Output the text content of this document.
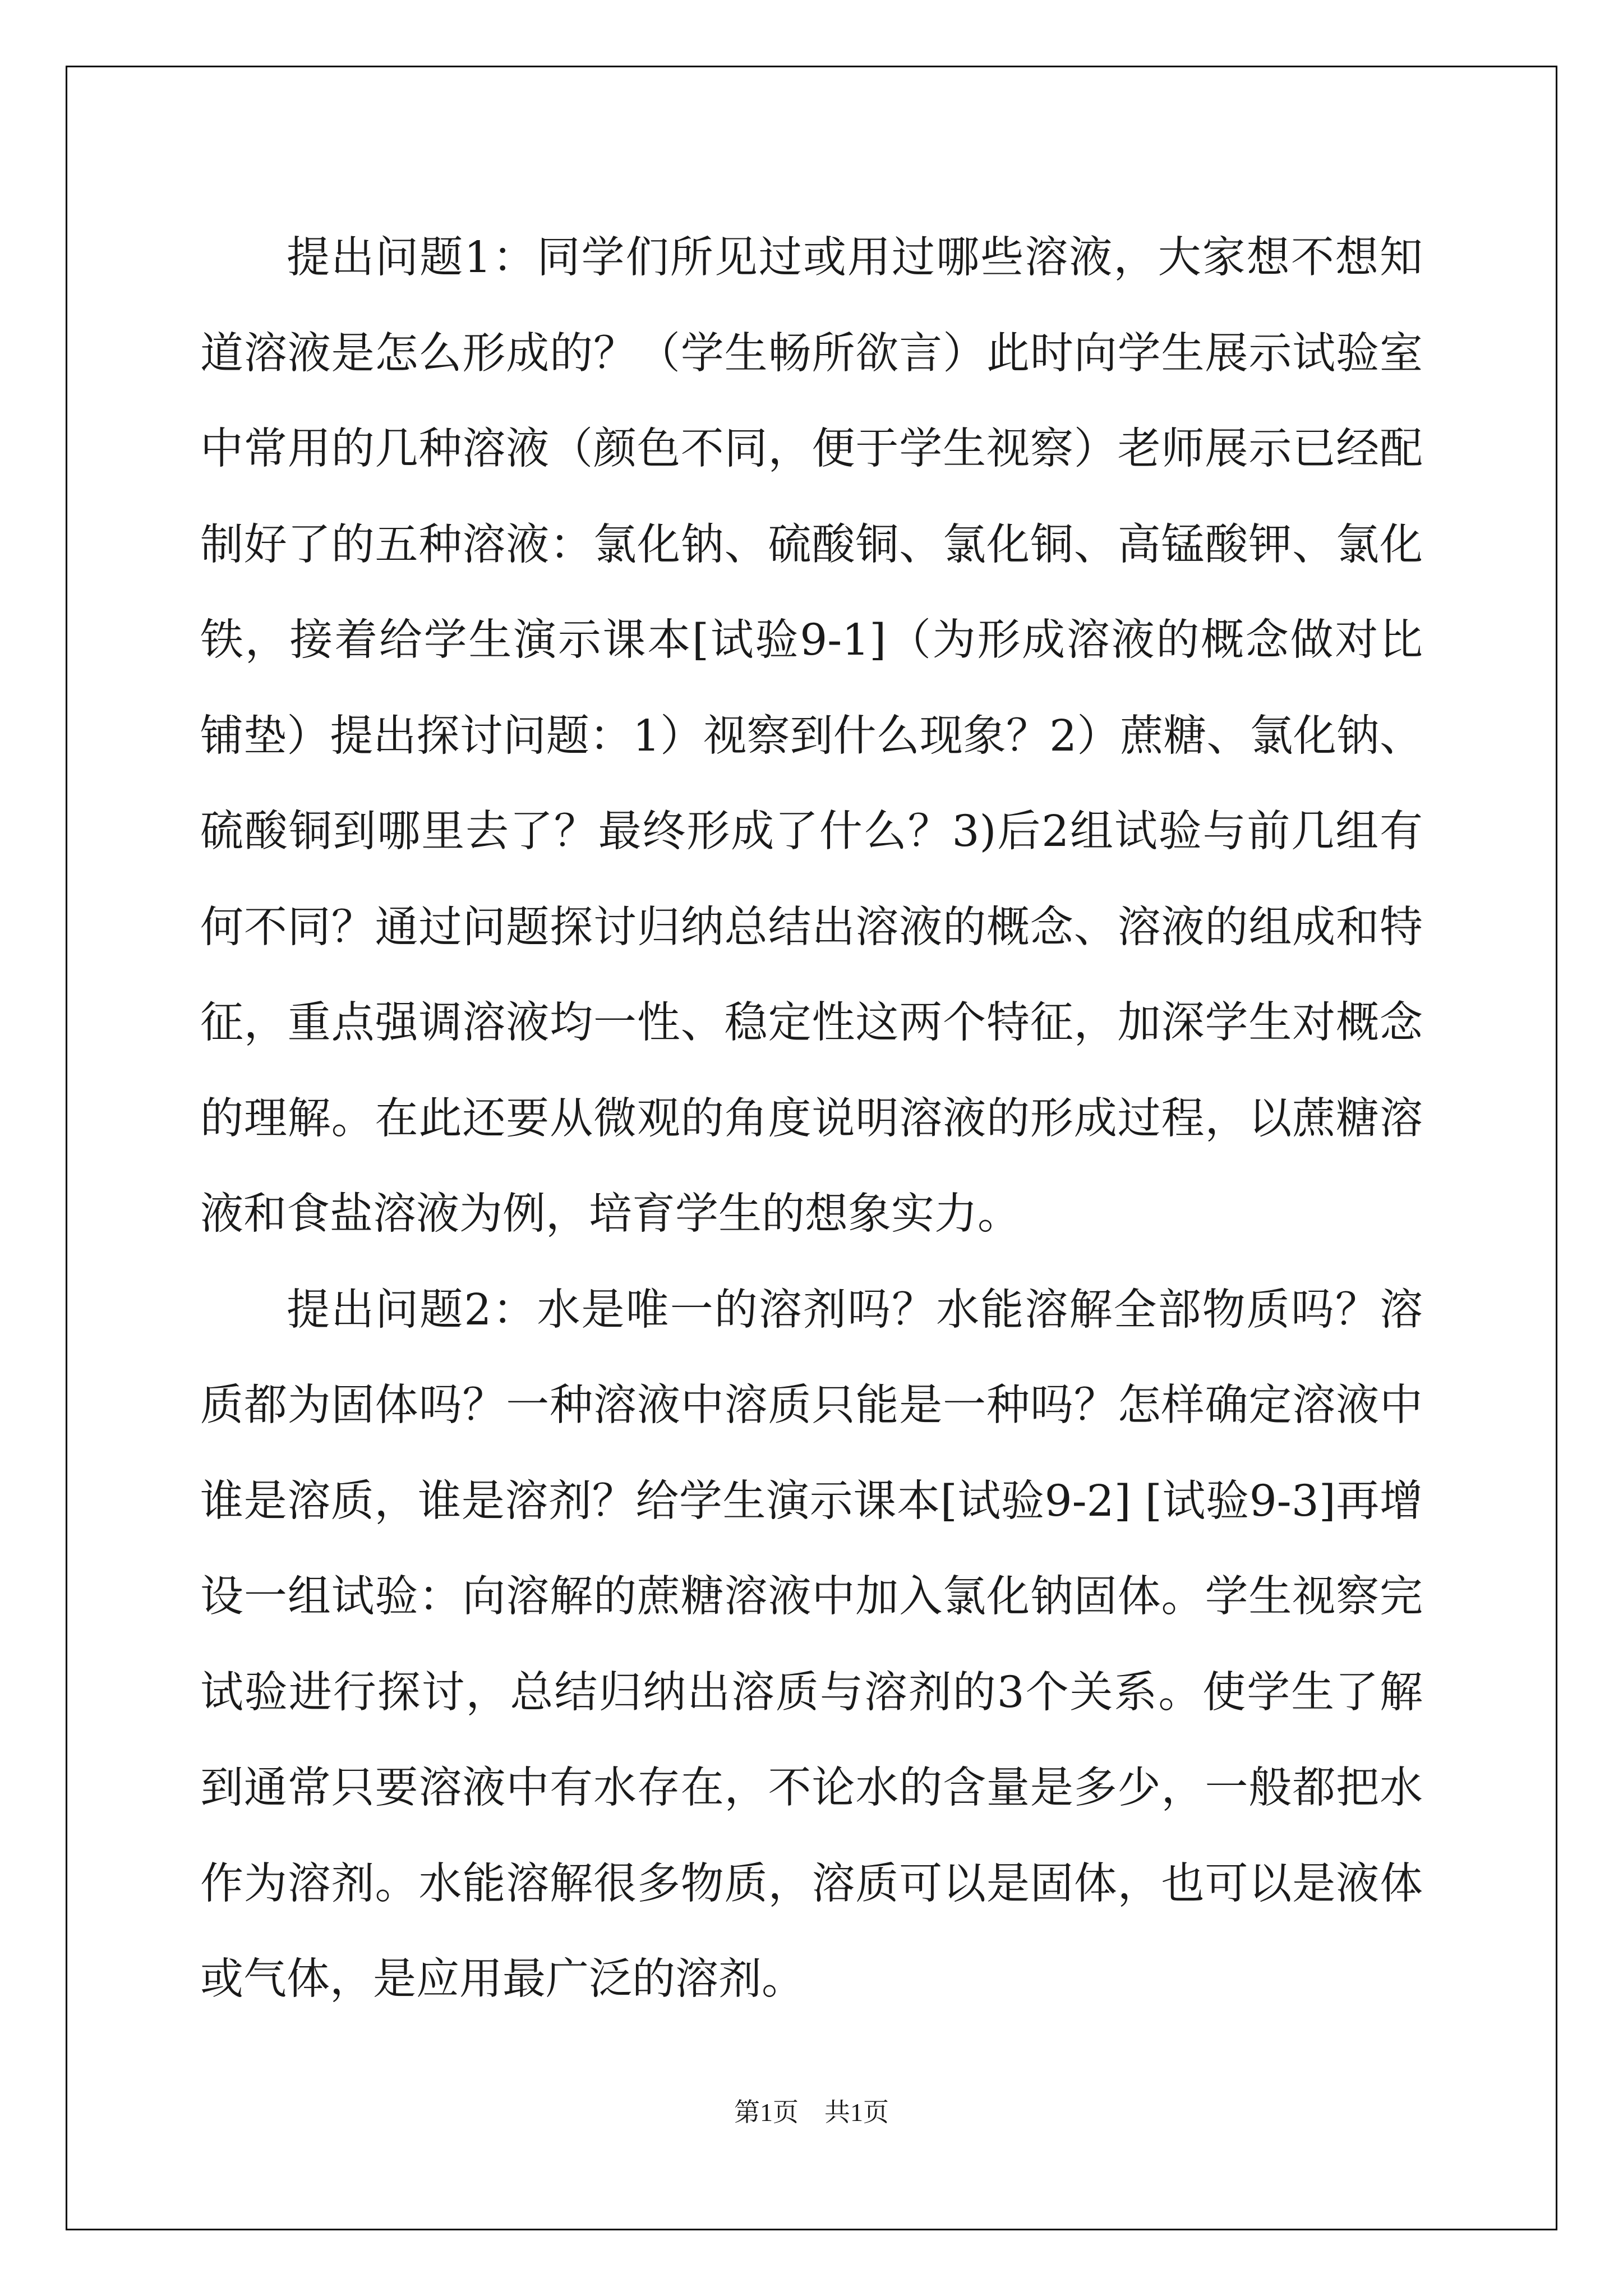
提出问题1：同学们所见过或用过哪些溶液，大家想不想知道溶液是怎么形成的？（学生畅所欲言）此时向学生展示试验室中常用的几种溶液（颜色不同，便于学生视察）老师展示已经配制好了的五种溶液：氯化钠、硫酸铜、氯化铜、高锰酸钾、氯化铁，接着给学生演示课本[试验9-1]（为形成溶液的概念做对比铺垫）提出探讨问题：1）视察到什么现象？2）蔗糖、氯化钠、硫酸铜到哪里去了？最终形成了什么？3)后2组试验与前几组有何不同？通过问题探讨归纳总结出溶液的概念、溶液的组成和特征，重点强调溶液均一性、稳定性这两个特征，加深学生对概念的理解。在此还要从微观的角度说明溶液的形成过程，以蔗糖溶液和食盐溶液为例，培育学生的想象实力。

提出问题2：水是唯一的溶剂吗？水能溶解全部物质吗？溶质都为固体吗？一种溶液中溶质只能是一种吗？怎样确定溶液中谁是溶质，谁是溶剂？给学生演示课本[试验9-2] [试验9-3]再增设一组试验：向溶解的蔗糖溶液中加入氯化钠固体。学生视察完试验进行探讨，总结归纳出溶质与溶剂的3个关系。使学生了解到通常只要溶液中有水存在，不论水的含量是多少，一般都把水作为溶剂。水能溶解很多物质，溶质可以是固体，也可以是液体或气体，是应用最广泛的溶剂。

第1页　共1页
